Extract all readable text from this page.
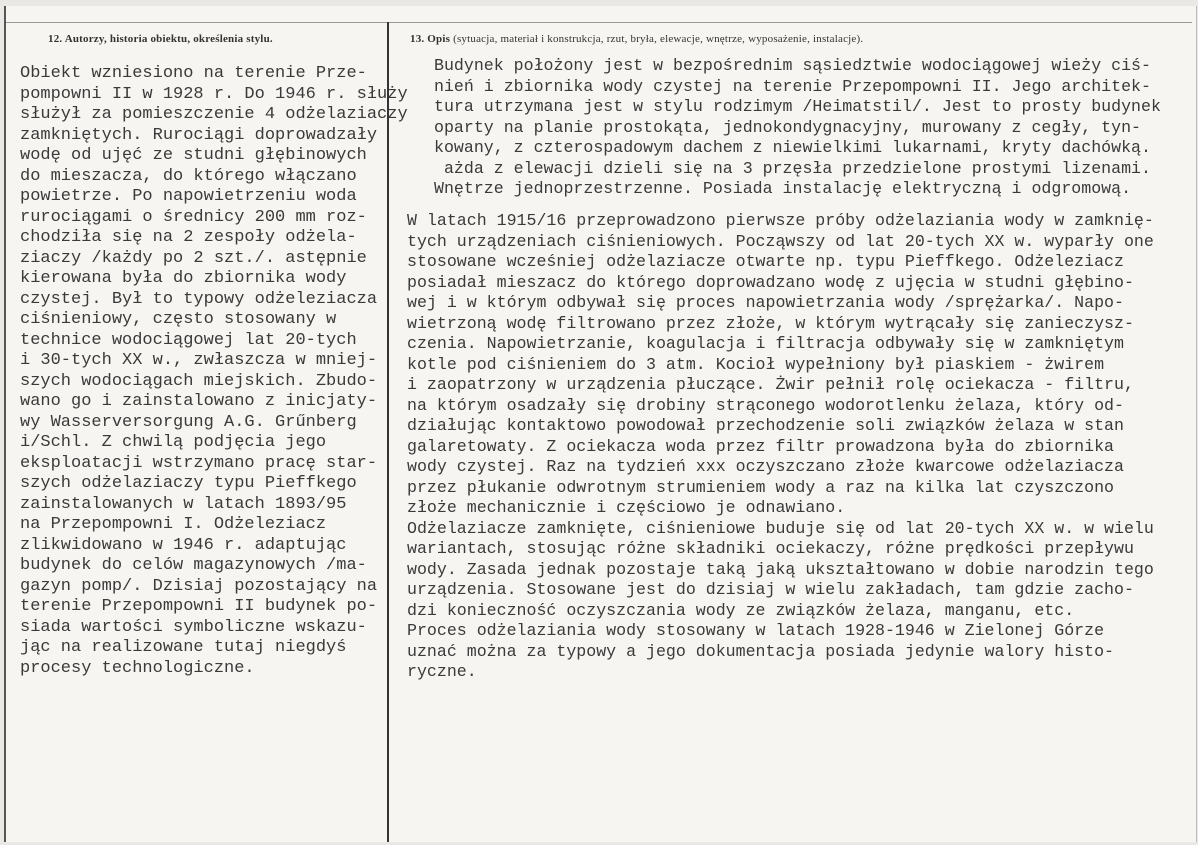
12. Autorzy, historia obiektu, określenia stylu.	13. Opis (sytuacja, materiał i konstrukcja, rzut, bryła, elewacje, wnętrze, wyposażenie, instalacje).
Obiekt wzniesiono na terenie Prze-
pompowni II w 1928 r. Do 1946 r. służy
służył za pomieszczenie 4 odżelaziaczy
zamkniętych. Rurociągi doprowadzały
wodę od ujęć ze studni głębinowych
do mieszacza, do którego włączano
powietrze. Po napowietrzeniu woda
rurociągami o średnicy 200 mm roz-
chodziła się na 2 zespoły odżela-
ziaczy /każdy po 2 szt./. astępnie
kierowana była do zbiornika wody
czystej. Był to typowy odżeleziacza
ciśnieniowy, często stosowany w
technice wodociągowej lat 20-tych
i 30-tych XX w., zwłaszcza w mniej-
szych wodociągach miejskich. Zbudo-
wano go i zainstalowano z inicjaty-
wy Wasserversorgung A.G. Grűnberg
i/Schl. Z chwilą podjęcia jego
eksploatacji wstrzymano pracę star-
szych odżelaziaczy typu Pieffkego
zainstalowanych w latach 1893/95
na Przepompowni I. Odżeleziacz
zlikwidowano w 1946 r. adaptując
budynek do celów magazynowych /ma-
gazyn pomp/. Dzisiaj pozostający na
terenie Przepompowni II budynek po-
siada wartości symboliczne wskazu-
jąc na realizowane tutaj niegdyś
procesy technologiczne.
Budynek położony jest w bezpośrednim sąsiedztwie wodociągowej wieży ciś-
nień i zbiornika wody czystej na terenie Przepompowni II. Jego architek-
tura utrzymana jest w stylu rodzimym /Heimatstil/. Jest to prosty budynek
oparty na planie prostokąta, jednokondygnacyjny, murowany z cegły, tyn-
kowany, z czterospadowym dachem z niewielkimi lukarnami, kryty dachówką.
ażda z elewacji dzieli się na 3 przęsła przedzielone prostymi lizenami.
Wnętrze jednoprzestrzenne. Posiada instalację elektryczną i odgromową.
W latach 1915/16 przeprowadzono pierwsze próby odżelaziania wody w zamknię-
tych urządzeniach ciśnieniowych. Począwszy od lat 20-tych XX w. wyparły one
stosowane wcześniej odżelaziacze otwarte np. typu Pieffkego. Odżeleziacz
posiadał mieszacz do którego doprowadzano wodę z ujęcia w studni głębino-
wej i w którym odbywał się proces napowietrzania wody /sprężarka/. Napo-
wietrzoną wodę filtrowano przez złoże, w którym wytrącały się zanieczysz-
czenia. Napowietrzanie, koagulacja i filtracja odbywały się w zamkniętym
kotle pod ciśnieniem do 3 atm. Kocioł wypełniony był piaskiem - żwirem
i zaopatrzony w urządzenia płuczące. Żwir pełnił rolę ociekacza - filtru,
na którym osadzały się drobiny strąconego wodorotlenku żelaza, który od-
działując kontaktowo powodował przechodzenie soli związków żelaza w stan
galaretowaty. Z ociekacza woda przez filtr prowadzona była do zbiornika
wody czystej. Raz na tydzień xxx oczyszczano złoże kwarcowe odżelaziacza
przez płukanie odwrotnym strumieniem wody a raz na kilka lat czyszczono
złoże mechanicznie i częściowo je odnawiano.
Odżelaziacze zamknięte, ciśnieniowe buduje się od lat 20-tych XX w. w wielu
wariantach, stosując różne składniki ociekaczy, różne prędkości przepływu
wody. Zasada jednak pozostaje taką jaką ukształtowano w dobie narodzin tego
urządzenia. Stosowane jest do dzisiaj w wielu zakładach, tam gdzie zacho-
dzi konieczność oczyszczania wody ze związków żelaza, manganu, etc.
Proces odżelaziania wody stosowany w latach 1928-1946 w Zielonej Górze
uznać można za typowy a jego dokumentacja posiada jedynie walory histo-
ryczne.
